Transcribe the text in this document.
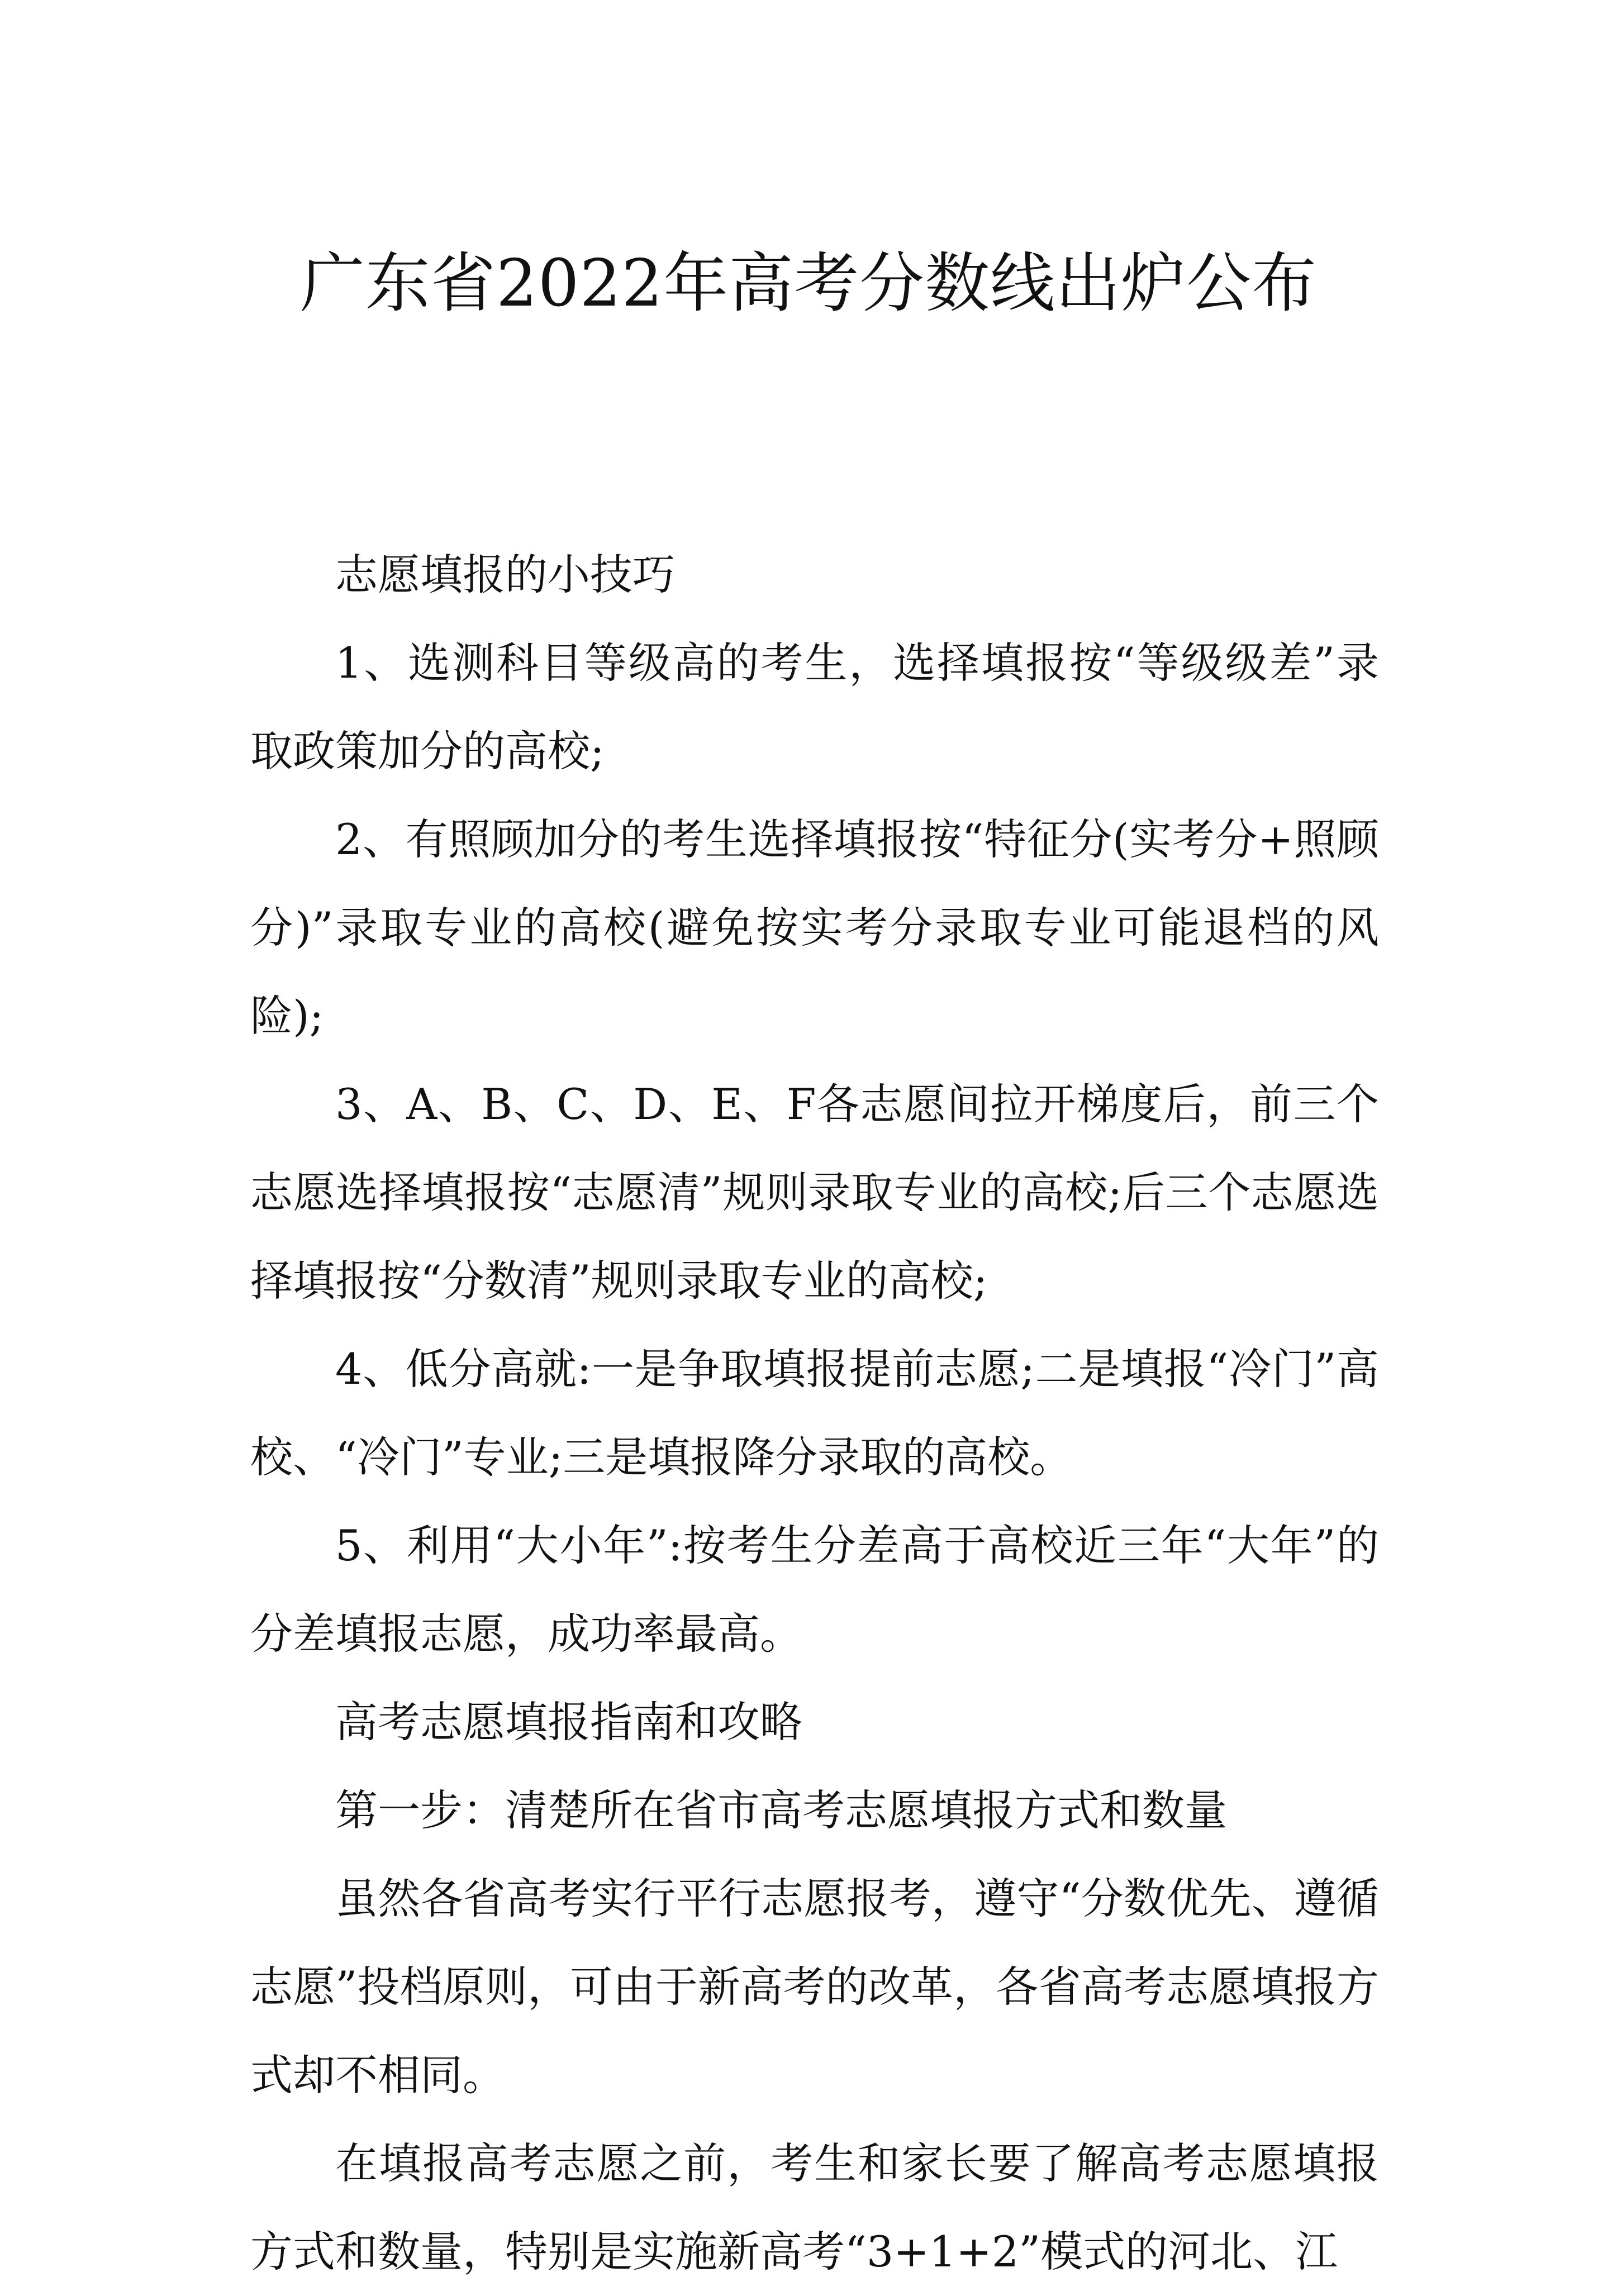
广东省2022年高考分数线出炉公布

志愿填报的小技巧

1、选测科目等级高的考生，选择填报按“等级级差”录取政策加分的高校;

2、有照顾加分的考生选择填报按“特征分(实考分+照顾分)”录取专业的高校(避免按实考分录取专业可能退档的风险);

3、A、B、C、D、E、F各志愿间拉开梯度后，前三个志愿选择填报按“志愿清”规则录取专业的高校;后三个志愿选择填报按“分数清”规则录取专业的高校;

4、低分高就:一是争取填报提前志愿;二是填报“冷门”高校、“冷门”专业;三是填报降分录取的高校。

5、利用“大小年”:按考生分差高于高校近三年“大年”的分差填报志愿，成功率最高。

高考志愿填报指南和攻略

第一步：清楚所在省市高考志愿填报方式和数量

虽然各省高考实行平行志愿报考，遵守“分数优先、遵循志愿”投档原则，可由于新高考的改革，各省高考志愿填报方式却不相同。

在填报高考志愿之前，考生和家长要了解高考志愿填报方式和数量，特别是实施新高考“3+1+2”模式的河北、江
